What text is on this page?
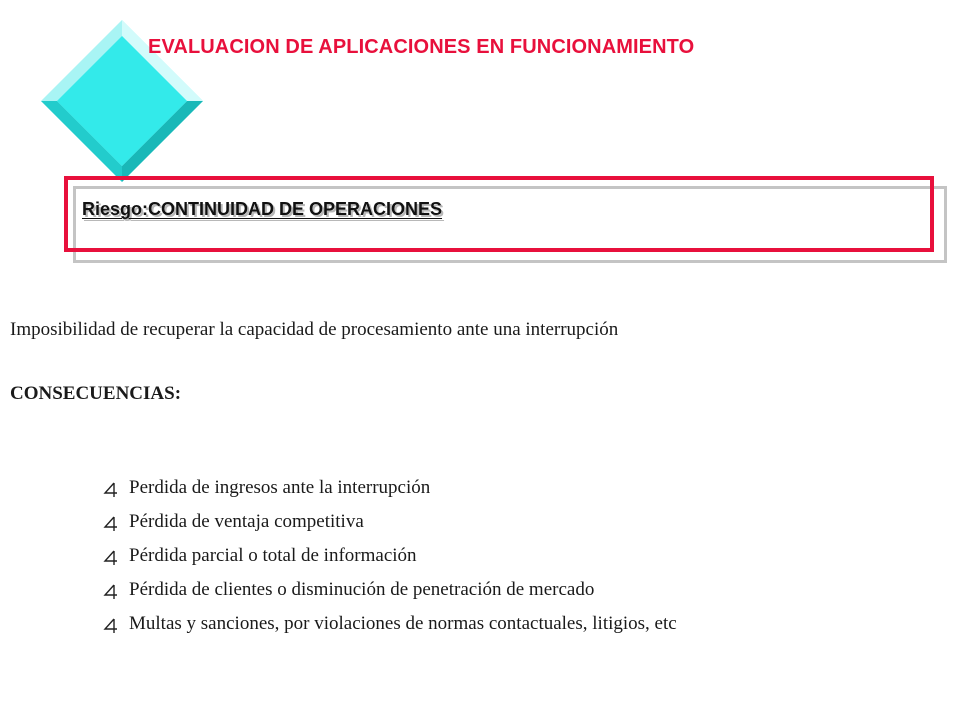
EVALUACION DE APLICACIONES EN FUNCIONAMIENTO
Riesgo:CONTINUIDAD DE OPERACIONES

Imposibilidad de recuperar la capacidad de procesamiento ante una interrupción

CONSECUENCIAS:

Perdida de ingresos ante la interrupción
Pérdida de ventaja competitiva
Pérdida parcial o total de información
Pérdida de clientes o disminución de penetración de mercado
Multas y sanciones, por violaciones de normas contactuales, litigios, etc
